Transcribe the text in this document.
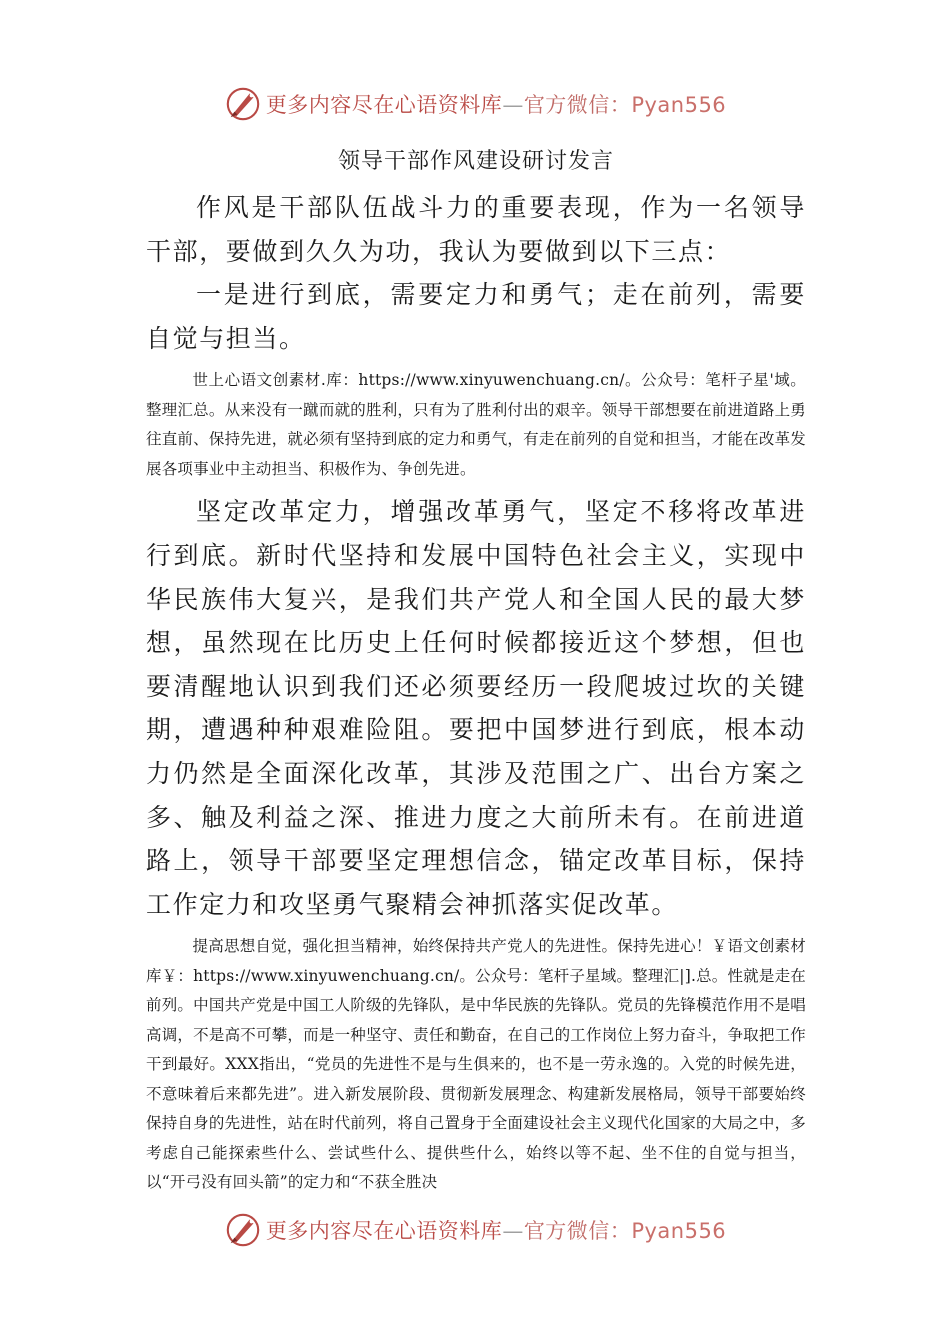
更多内容尽在心语资料库—官方微信：Pyan556

领导干部作风建设研讨发言

作风是干部队伍战斗力的重要表现，作为一名领导干部，要做到久久为功，我认为要做到以下三点：

一是进行到底，需要定力和勇气；走在前列，需要自觉与担当。

世上心语文创素材.库：https://www.xinyuwenchuang.cn/。公众号：笔杆子星'域。整理汇总。从来没有一蹴而就的胜利，只有为了胜利付出的艰辛。领导干部想要在前进道路上勇往直前、保持先进，就必须有坚持到底的定力和勇气，有走在前列的自觉和担当，才能在改革发展各项事业中主动担当、积极作为、争创先进。

坚定改革定力，增强改革勇气，坚定不移将改革进行到底。新时代坚持和发展中国特色社会主义，实现中华民族伟大复兴，是我们共产党人和全国人民的最大梦想，虽然现在比历史上任何时候都接近这个梦想，但也要清醒地认识到我们还必须要经历一段爬坡过坎的关键期，遭遇种种艰难险阻。要把中国梦进行到底，根本动力仍然是全面深化改革，其涉及范围之广、出台方案之多、触及利益之深、推进力度之大前所未有。在前进道路上，领导干部要坚定理想信念，锚定改革目标，保持工作定力和攻坚勇气聚精会神抓落实促改革。

提高思想自觉，强化担当精神，始终保持共产党人的先进性。保持先进心！￥语文创素材库￥：https://www.xinyuwenchuang.cn/。公众号：笔杆子星域。整理汇|].总。性就是走在前列。中国共产党是中国工人阶级的先锋队，是中华民族的先锋队。党员的先锋模范作用不是唱高调，不是高不可攀，而是一种坚守、责任和勤奋，在自己的工作岗位上努力奋斗，争取把工作干到最好。XXX指出，“党员的先进性不是与生俱来的，也不是一劳永逸的。入党的时候先进，不意味着后来都先进”。进入新发展阶段、贯彻新发展理念、构建新发展格局，领导干部要始终保持自身的先进性，站在时代前列，将自己置身于全面建设社会主义现代化国家的大局之中，多考虑自己能探索些什么、尝试些什么、提供些什么，始终以等不起、坐不住的自觉与担当，以“开弓没有回头箭”的定力和“不获全胜决

更多内容尽在心语资料库—官方微信：Pyan556
